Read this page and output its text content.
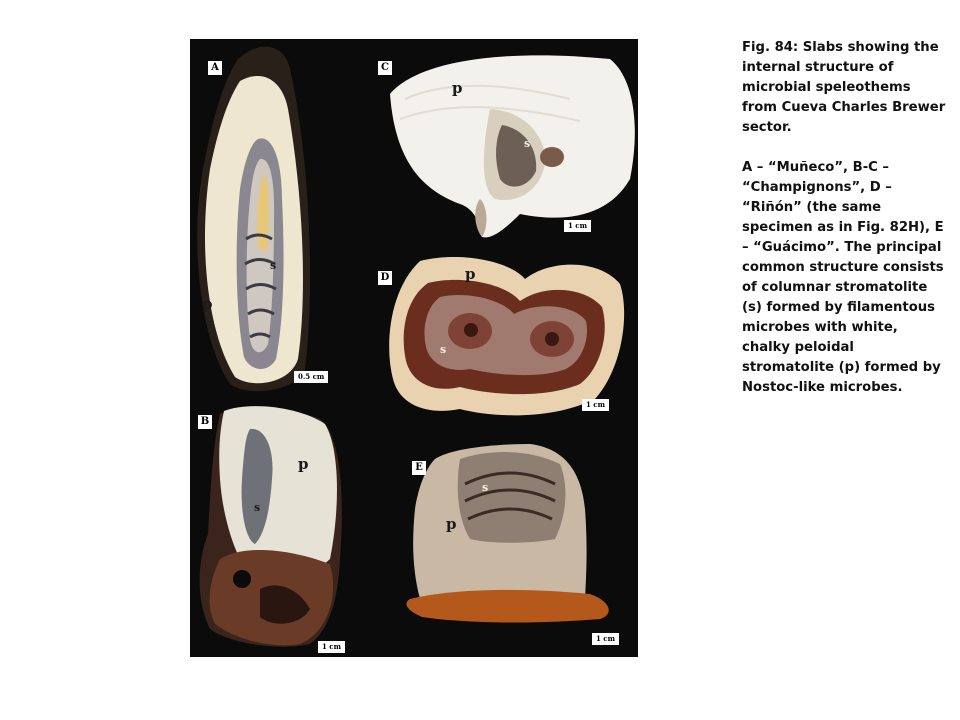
A
B
C
D
E
p
s
p
s
p
s
p
s
p
s
0.5 cm
1 cm
1 cm
1 cm
1 cm

Fig. 84: Slabs showing the internal structure of microbial speleothems from Cueva Charles Brewer sector.

A – “Muñeco”, B-C – “Champignons”, D – “Riñón” (the same specimen as in Fig. 82H), E – “Guácimo”. The principal common structure consists of columnar stromatolite (s) formed by filamentous microbes with white, chalky peloidal stromatolite (p) formed by Nostoc-like microbes.
